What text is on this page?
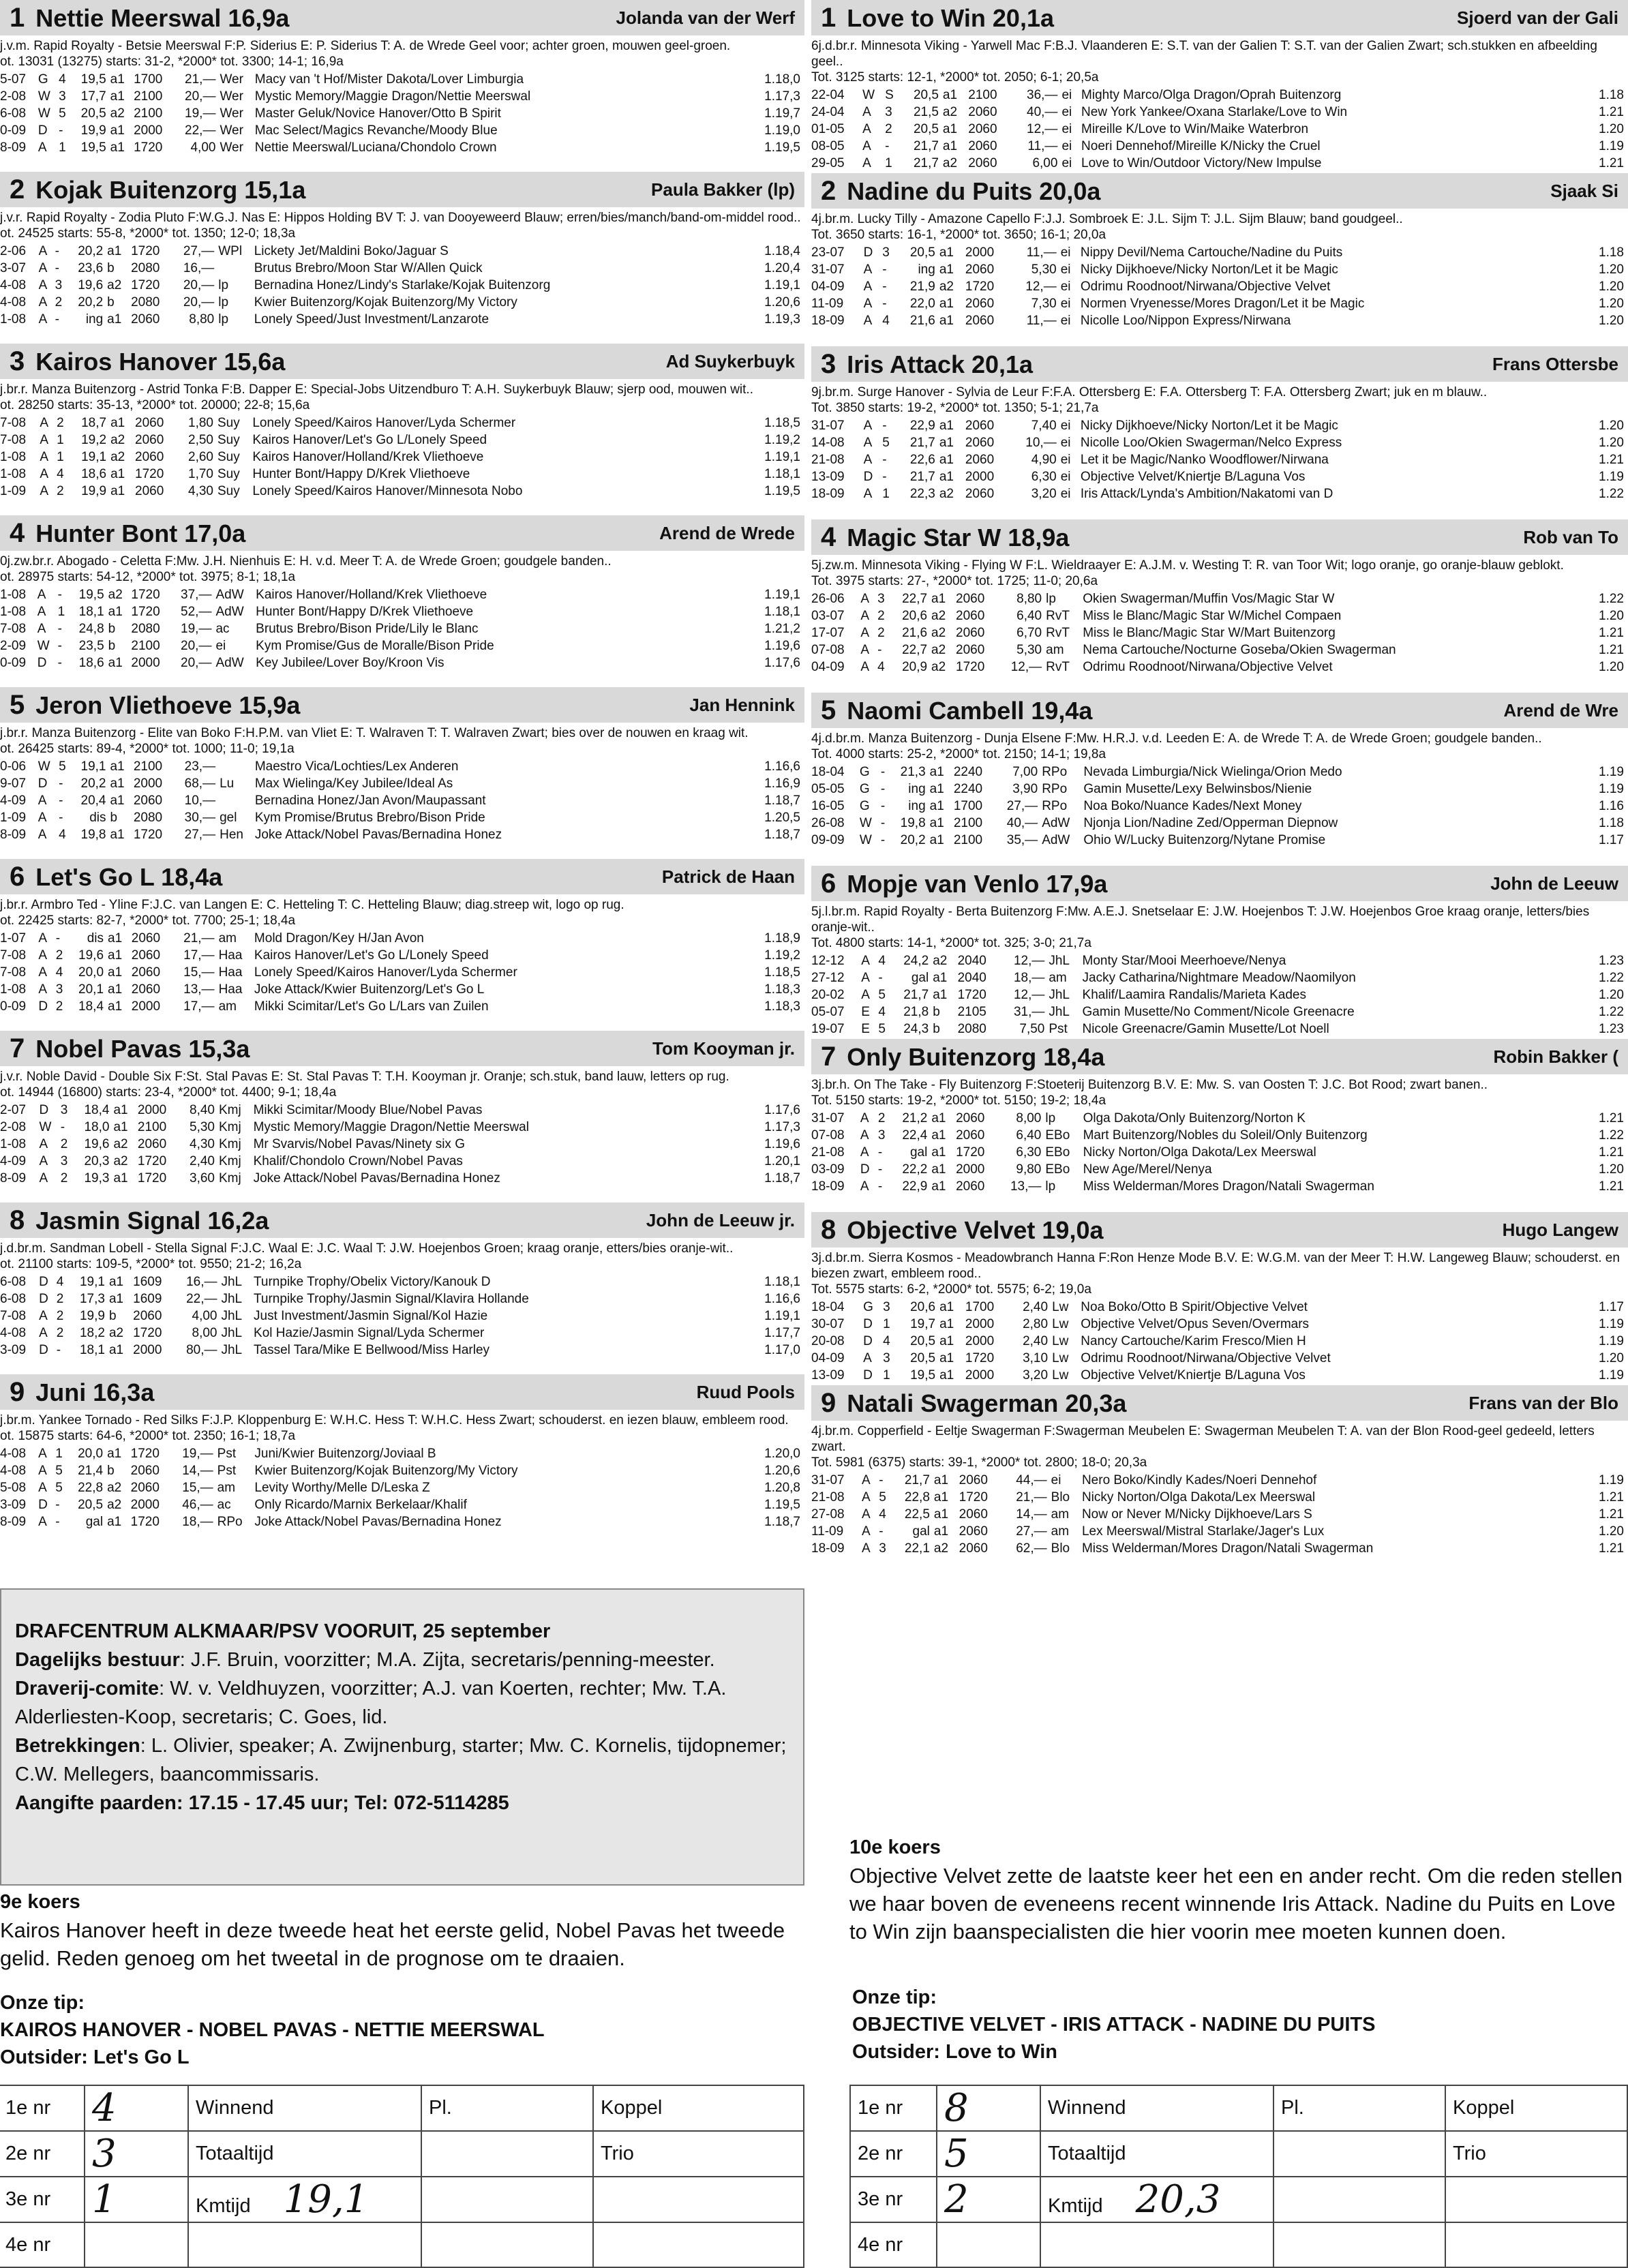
1 Nettie Meerswal 16,9a	Jolanda van der Werf
j.v.m. Rapid Royalty - Betsie Meerswal F:P. Siderius E: P. Siderius T: A. de Wrede Geel voor; achter groen, mouwen geel-groen.
ot. 13031 (13275) starts: 31-2, *2000* tot. 3300; 14-1; 16,9a
5-07	G	4	19,5	a1	1700	21,—	Wer	Macy van 't Hof/Mister Dakota/Lover Limburgia	1.18,0
2-08	W	3	17,7	a1	2100	20,—	Wer	Mystic Memory/Maggie Dragon/Nettie Meerswal	1.17,3
6-08	W	5	20,5	a2	2100	19,—	Wer	Master Geluk/Novice Hanover/Otto B Spirit	1.19,7
0-09	D	-	19,9	a1	2000	22,—	Wer	Mac Select/Magics Revanche/Moody Blue	1.19,0
8-09	A	1	19,5	a1	1720	4,00	Wer	Nettie Meerswal/Luciana/Chondolo Crown	1.19,5
2 Kojak Buitenzorg 15,1a	Paula Bakker (lp)
j.v.r. Rapid Royalty - Zodia Pluto F:W.G.J. Nas E: Hippos Holding BV T: J. van Dooyeweerd Blauw; erren/bies/manch/band-om-middel rood..
ot. 24525 starts: 55-8, *2000* tot. 1350; 12-0; 18,3a
2-06	A	-	20,2	a1	1720	27,—	WPl	Lickety Jet/Maldini Boko/Jaguar S	1.18,4
3-07	A	-	23,6	b	2080	16,—		Brutus Brebro/Moon Star W/Allen Quick	1.20,4
4-08	A	3	19,6	a2	1720	20,—	lp	Bernadina Honez/Lindy's Starlake/Kojak Buitenzorg	1.19,1
4-08	A	2	20,2	b	2080	20,—	lp	Kwier Buitenzorg/Kojak Buitenzorg/My Victory	1.20,6
1-08	A	-	ing	a1	2060	8,80	lp	Lonely Speed/Just Investment/Lanzarote	1.19,3
3 Kairos Hanover 15,6a	Ad Suykerbuyk
j.br.r. Manza Buitenzorg - Astrid Tonka F:B. Dapper E: Special-Jobs Uitzendburo T: A.H. Suykerbuyk Blauw; sjerp ood, mouwen wit..
ot. 28250 starts: 35-13, *2000* tot. 20000; 22-8; 15,6a
7-08	A	2	18,7	a1	2060	1,80	Suy	Lonely Speed/Kairos Hanover/Lyda Schermer	1.18,5
7-08	A	1	19,2	a2	2060	2,50	Suy	Kairos Hanover/Let's Go L/Lonely Speed	1.19,2
1-08	A	1	19,1	a2	2060	2,60	Suy	Kairos Hanover/Holland/Krek Vliethoeve	1.19,1
1-08	A	4	18,6	a1	1720	1,70	Suy	Hunter Bont/Happy D/Krek Vliethoeve	1.18,1
1-09	A	2	19,9	a1	2060	4,30	Suy	Lonely Speed/Kairos Hanover/Minnesota Nobo	1.19,5
4 Hunter Bont 17,0a	Arend de Wrede
0j.zw.br.r. Abogado - Celetta F:Mw. J.H. Nienhuis E: H. v.d. Meer T: A. de Wrede Groen; goudgele banden..
ot. 28975 starts: 54-12, *2000* tot. 3975; 8-1; 18,1a
1-08	A	-	19,5	a2	1720	37,—	AdW	Kairos Hanover/Holland/Krek Vliethoeve	1.19,1
1-08	A	1	18,1	a1	1720	52,—	AdW	Hunter Bont/Happy D/Krek Vliethoeve	1.18,1
7-08	A	-	24,8	b	2080	19,—	ac	Brutus Brebro/Bison Pride/Lily le Blanc	1.21,2
2-09	W	-	23,5	b	2100	20,—	ei	Kym Promise/Gus de Moralle/Bison Pride	1.19,6
0-09	D	-	18,6	a1	2000	20,—	AdW	Key Jubilee/Lover Boy/Kroon Vis	1.17,6
5 Jeron Vliethoeve 15,9a	Jan Hennink
j.br.r. Manza Buitenzorg - Elite van Boko F:H.P.M. van Vliet E: T. Walraven T: T. Walraven Zwart; bies over de nouwen en kraag wit.
ot. 26425 starts: 89-4, *2000* tot. 1000; 11-0; 19,1a
0-06	W	5	19,1	a1	2100	23,—		Maestro Vica/Lochties/Lex Anderen	1.16,6
9-07	D	-	20,2	a1	2000	68,—	Lu	Max Wielinga/Key Jubilee/Ideal As	1.16,9
4-09	A	-	20,4	a1	2060	10,—		Bernadina Honez/Jan Avon/Maupassant	1.18,7
1-09	A	-	dis	b	2080	30,—	gel	Kym Promise/Brutus Brebro/Bison Pride	1.20,5
8-09	A	4	19,8	a1	1720	27,—	Hen	Joke Attack/Nobel Pavas/Bernadina Honez	1.18,7
6 Let's Go L 18,4a	Patrick de Haan
j.br.r. Armbro Ted - Yline F:J.C. van Langen E: C. Hetteling T: C. Hetteling Blauw; diag.streep wit, logo op rug.
ot. 22425 starts: 82-7, *2000* tot. 7700; 25-1; 18,4a
1-07	A	-	dis	a1	2060	21,—	am	Mold Dragon/Key H/Jan Avon	1.18,9
7-08	A	2	19,6	a1	2060	17,—	Haa	Kairos Hanover/Let's Go L/Lonely Speed	1.19,2
7-08	A	4	20,0	a1	2060	15,—	Haa	Lonely Speed/Kairos Hanover/Lyda Schermer	1.18,5
1-08	A	3	20,1	a1	2060	13,—	Haa	Joke Attack/Kwier Buitenzorg/Let's Go L	1.18,3
0-09	D	2	18,4	a1	2000	17,—	am	Mikki Scimitar/Let's Go L/Lars van Zuilen	1.18,3
7 Nobel Pavas 15,3a	Tom Kooyman jr.
j.v.r. Noble David - Double Six F:St. Stal Pavas E: St. Stal Pavas T: T.H. Kooyman jr. Oranje; sch.stuk, band lauw, letters op rug.
ot. 14944 (16800) starts: 23-4, *2000* tot. 4400; 9-1; 18,4a
2-07	D	3	18,4	a1	2000	8,40	Kmj	Mikki Scimitar/Moody Blue/Nobel Pavas	1.17,6
2-08	W	-	18,0	a1	2100	5,30	Kmj	Mystic Memory/Maggie Dragon/Nettie Meerswal	1.17,3
1-08	A	2	19,6	a2	2060	4,30	Kmj	Mr Svarvis/Nobel Pavas/Ninety six G	1.19,6
4-09	A	3	20,3	a2	1720	2,40	Kmj	Khalif/Chondolo Crown/Nobel Pavas	1.20,1
8-09	A	2	19,3	a1	1720	3,60	Kmj	Joke Attack/Nobel Pavas/Bernadina Honez	1.18,7
8 Jasmin Signal 16,2a	John de Leeuw jr.
j.d.br.m. Sandman Lobell - Stella Signal F:J.C. Waal E: J.C. Waal T: J.W. Hoejenbos Groen; kraag oranje, etters/bies oranje-wit..
ot. 21100 starts: 109-5, *2000* tot. 9550; 21-2; 16,2a
6-08	D	4	19,1	a1	1609	16,—	JhL	Turnpike Trophy/Obelix Victory/Kanouk D	1.18,1
6-08	D	2	17,3	a1	1609	22,—	JhL	Turnpike Trophy/Jasmin Signal/Klavira Hollande	1.16,6
7-08	A	2	19,9	b	2060	4,00	JhL	Just Investment/Jasmin Signal/Kol Hazie	1.19,1
4-08	A	2	18,2	a2	1720	8,00	JhL	Kol Hazie/Jasmin Signal/Lyda Schermer	1.17,7
3-09	D	-	18,1	a1	2000	80,—	JhL	Tassel Tara/Mike E Bellwood/Miss Harley	1.17,0
9 Juni 16,3a	Ruud Pools
j.br.m. Yankee Tornado - Red Silks F:J.P. Kloppenburg E: W.H.C. Hess T: W.H.C. Hess Zwart; schouderst. en iezen blauw, embleem rood.
ot. 15875 starts: 64-6, *2000* tot. 2350; 16-1; 18,7a
4-08	A	1	20,0	a1	1720	19,—	Pst	Juni/Kwier Buitenzorg/Joviaal B	1.20,0
4-08	A	5	21,4	b	2060	14,—	Pst	Kwier Buitenzorg/Kojak Buitenzorg/My Victory	1.20,6
5-08	A	5	22,8	a2	2060	15,—	am	Levity Worthy/Melle D/Leska Z	1.20,8
3-09	D	-	20,5	a2	2000	46,—	ac	Only Ricardo/Marnix Berkelaar/Khalif	1.19,5
8-09	A	-	gal	a1	1720	18,—	RPo	Joke Attack/Nobel Pavas/Bernadina Honez	1.18,7
1 Love to Win 20,1a	Sjoerd van der Gali
6j.d.br.r. Minnesota Viking - Yarwell Mac F:B.J. Vlaanderen E: S.T. van der Galien T: S.T. van der Galien Zwart; sch.stukken en afbeelding geel..
Tot. 3125 starts: 12-1, *2000* tot. 2050; 6-1; 20,5a
22-04	W	S	20,5	a1	2100	36,—	ei	Mighty Marco/Olga Dragon/Oprah Buitenzorg	1.18
24-04	A	3	21,5	a2	2060	40,—	ei	New York Yankee/Oxana Starlake/Love to Win	1.21
01-05	A	2	20,5	a1	2060	12,—	ei	Mireille K/Love to Win/Maike Waterbron	1.20
08-05	A	-	21,7	a1	2060	11,—	ei	Noeri Dennehof/Mireille K/Nicky the Cruel	1.19
29-05	A	1	21,7	a2	2060	6,00	ei	Love to Win/Outdoor Victory/New Impulse	1.21
2 Nadine du Puits 20,0a	Sjaak Si
4j.br.m. Lucky Tilly - Amazone Capello F:J.J. Sombroek E: J.L. Sijm T: J.L. Sijm Blauw; band goudgeel..
Tot. 3650 starts: 16-1, *2000* tot. 3650; 16-1; 20,0a
23-07	D	3	20,5	a1	2000	11,—	ei	Nippy Devil/Nema Cartouche/Nadine du Puits	1.18
31-07	A	-	ing	a1	2060	5,30	ei	Nicky Dijkhoeve/Nicky Norton/Let it be Magic	1.20
04-09	A	-	21,9	a2	1720	12,—	ei	Odrimu Roodnoot/Nirwana/Objective Velvet	1.20
11-09	A	-	22,0	a1	2060	7,30	ei	Normen Vryenesse/Mores Dragon/Let it be Magic	1.20
18-09	A	4	21,6	a1	2060	11,—	ei	Nicolle Loo/Nippon Express/Nirwana	1.20
3 Iris Attack 20,1a	Frans Ottersbe
9j.br.m. Surge Hanover - Sylvia de Leur F:F.A. Ottersberg E: F.A. Ottersberg T: F.A. Ottersberg Zwart; juk en m blauw..
Tot. 3850 starts: 19-2, *2000* tot. 1350; 5-1; 21,7a
31-07	A	-	22,9	a1	2060	7,40	ei	Nicky Dijkhoeve/Nicky Norton/Let it be Magic	1.20
14-08	A	5	21,7	a1	2060	10,—	ei	Nicolle Loo/Okien Swagerman/Nelco Express	1.20
21-08	A	-	22,6	a1	2060	4,90	ei	Let it be Magic/Nanko Woodflower/Nirwana	1.21
13-09	D	-	21,7	a1	2000	6,30	ei	Objective Velvet/Kniertje B/Laguna Vos	1.19
18-09	A	1	22,3	a2	2060	3,20	ei	Iris Attack/Lynda's Ambition/Nakatomi van D	1.22
4 Magic Star W 18,9a	Rob van To
5j.zw.m. Minnesota Viking - Flying W F:L. Wieldraayer E: A.J.M. v. Westing T: R. van Toor Wit; logo oranje, go oranje-blauw geblokt.
Tot. 3975 starts: 27-, *2000* tot. 1725; 11-0; 20,6a
26-06	A	3	22,7	a1	2060	8,80	lp	Okien Swagerman/Muffin Vos/Magic Star W	1.22
03-07	A	2	20,6	a2	2060	6,40	RvT	Miss le Blanc/Magic Star W/Michel Compaen	1.20
17-07	A	2	21,6	a2	2060	6,70	RvT	Miss le Blanc/Magic Star W/Mart Buitenzorg	1.21
07-08	A	-	22,7	a2	2060	5,30	am	Nema Cartouche/Nocturne Goseba/Okien Swagerman	1.21
04-09	A	4	20,9	a2	1720	12,—	RvT	Odrimu Roodnoot/Nirwana/Objective Velvet	1.20
5 Naomi Cambell 19,4a	Arend de Wre
4j.d.br.m. Manza Buitenzorg - Dunja Elsene F:Mw. H.R.J. v.d. Leeden E: A. de Wrede T: A. de Wrede Groen; goudgele banden..
Tot. 4000 starts: 25-2, *2000* tot. 2150; 14-1; 19,8a
18-04	G	-	21,3	a1	2240	7,00	RPo	Nevada Limburgia/Nick Wielinga/Orion Medo	1.19
05-05	G	-	ing	a1	2240	3,90	RPo	Gamin Musette/Lexy Belwinsbos/Nienie	1.19
16-05	G	-	ing	a1	1700	27,—	RPo	Noa Boko/Nuance Kades/Next Money	1.16
26-08	W	-	19,8	a1	2100	40,—	AdW	Njonja Lion/Nadine Zed/Opperman Diepnow	1.18
09-09	W	-	20,2	a1	2100	35,—	AdW	Ohio W/Lucky Buitenzorg/Nytane Promise	1.17
6 Mopje van Venlo 17,9a	John de Leeuw
5j.l.br.m. Rapid Royalty - Berta Buitenzorg F:Mw. A.E.J. Snetselaar E: J.W. Hoejenbos T: J.W. Hoejenbos Groe kraag oranje, letters/bies oranje-wit..
Tot. 4800 starts: 14-1, *2000* tot. 325; 3-0; 21,7a
12-12	A	4	24,2	a2	2040	12,—	JhL	Monty Star/Mooi Meerhoeve/Nenya	1.23
27-12	A	-	gal	a1	2040	18,—	am	Jacky Catharina/Nightmare Meadow/Naomilyon	1.22
20-02	A	5	21,7	a1	1720	12,—	JhL	Khalif/Laamira Randalis/Marieta Kades	1.20
05-07	E	4	21,8	b	2105	31,—	JhL	Gamin Musette/No Comment/Nicole Greenacre	1.22
19-07	E	5	24,3	b	2080	7,50	Pst	Nicole Greenacre/Gamin Musette/Lot Noell	1.23
7 Only Buitenzorg 18,4a	Robin Bakker (
3j.br.h. On The Take - Fly Buitenzorg F:Stoeterij Buitenzorg B.V. E: Mw. S. van Oosten T: J.C. Bot Rood; zwart banen..
Tot. 5150 starts: 19-2, *2000* tot. 5150; 19-2; 18,4a
31-07	A	2	21,2	a1	2060	8,00	lp	Olga Dakota/Only Buitenzorg/Norton K	1.21
07-08	A	3	22,4	a1	2060	6,40	EBo	Mart Buitenzorg/Nobles du Soleil/Only Buitenzorg	1.22
21-08	A	-	gal	a1	1720	6,30	EBo	Nicky Norton/Olga Dakota/Lex Meerswal	1.21
03-09	D	-	22,2	a1	2000	9,80	EBo	New Age/Merel/Nenya	1.20
18-09	A	-	22,9	a1	2060	13,—	lp	Miss Welderman/Mores Dragon/Natali Swagerman	1.21
8 Objective Velvet 19,0a	Hugo Langew
3j.d.br.m. Sierra Kosmos - Meadowbranch Hanna F:Ron Henze Mode B.V. E: W.G.M. van der Meer T: H.W. Langeweg Blauw; schouderst. en biezen zwart, embleem rood..
Tot. 5575 starts: 6-2, *2000* tot. 5575; 6-2; 19,0a
18-04	G	3	20,6	a1	1700	2,40	Lw	Noa Boko/Otto B Spirit/Objective Velvet	1.17
30-07	D	1	19,7	a1	2000	2,80	Lw	Objective Velvet/Opus Seven/Overmars	1.19
20-08	D	4	20,5	a1	2000	2,40	Lw	Nancy Cartouche/Karim Fresco/Mien H	1.19
04-09	A	3	20,5	a1	1720	3,10	Lw	Odrimu Roodnoot/Nirwana/Objective Velvet	1.20
13-09	D	1	19,5	a1	2000	3,20	Lw	Objective Velvet/Kniertje B/Laguna Vos	1.19
9 Natali Swagerman 20,3a	Frans van der Blo
4j.br.m. Copperfield - Eeltje Swagerman F:Swagerman Meubelen E: Swagerman Meubelen T: A. van der Blon Rood-geel gedeeld, letters zwart.
Tot. 5981 (6375) starts: 39-1, *2000* tot. 2800; 18-0; 20,3a
31-07	A	-	21,7	a1	2060	44,—	ei	Nero Boko/Kindly Kades/Noeri Dennehof	1.19
21-08	A	5	22,8	a1	1720	21,—	Blo	Nicky Norton/Olga Dakota/Lex Meerswal	1.21
27-08	A	4	22,5	a1	2060	14,—	am	Now or Never M/Nicky Dijkhoeve/Lars S	1.21
11-09	A	-	gal	a1	2060	27,—	am	Lex Meerswal/Mistral Starlake/Jager's Lux	1.20
18-09	A	3	22,1	a2	2060	62,—	Blo	Miss Welderman/Mores Dragon/Natali Swagerman	1.21
DRAFCENTRUM ALKMAAR/PSV VOORUIT, 25 september
Dagelijks bestuur: J.F. Bruin, voorzitter; M.A. Zijta, secretaris/penning-meester.
Draverij-comite: W. v. Veldhuyzen, voorzitter; A.J. van Koerten, rechter; Mw. T.A. Alderliesten-Koop, secretaris; C. Goes, lid.
Betrekkingen: L. Olivier, speaker; A. Zwijnenburg, starter; Mw. C. Kornelis, tijdopnemer; C.W. Mellegers, baancommissaris.
Aangifte paarden: 17.15 - 17.45 uur; Tel: 072-5114285
9e koers
Kairos Hanover heeft in deze tweede heat het eerste gelid, Nobel Pavas het tweede gelid. Reden genoeg om het tweetal in de prognose om te draaien.
Onze tip:
KAIROS HANOVER - NOBEL PAVAS - NETTIE MEERSWAL
Outsider: Let's Go L
10e koers
Objective Velvet zette de laatste keer het een en ander recht. Om die reden stellen we haar boven de eveneens recent winnende Iris Attack. Nadine du Puits en Love to Win zijn baanspecialisten die hier voorin mee moeten kunnen doen.
Onze tip:
OBJECTIVE VELVET - IRIS ATTACK - NADINE DU PUITS
Outsider: Love to Win
1e nr	4	Winnend	Pl.	Koppel
2e nr	3	Totaaltijd		Trio
3e nr	1	Kmtijd 19,1		
4e nr				
1e nr	8	Winnend	Pl.	Koppel
2e nr	5	Totaaltijd		Trio
3e nr	2	Kmtijd 20,3		
4e nr				
